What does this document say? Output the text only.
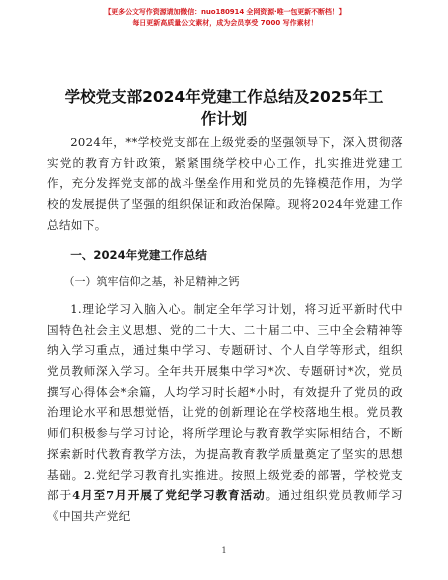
【更多公文写作资源请加微信：nuo180914 全网资源·唯一包更新不断档！】
每日更新高质量公文素材，成为会员享受 7000 写作素材！
学校党支部2024年党建工作总结及2025年工
作计划

2024年，**学校党支部在上级党委的坚强领导下，深入贯彻落实党的教育方针政策，紧紧围绕学校中心工作，扎实推进党建工作，充分发挥党支部的战斗堡垒作用和党员的先锋模范作用，为学校的发展提供了坚强的组织保证和政治保障。现将2024年党建工作总结如下。

一、2024年党建工作总结

（一）筑牢信仰之基，补足精神之钙

1.理论学习入脑入心。制定全年学习计划，将习近平新时代中国特色社会主义思想、党的二十大、二十届二中、三中全会精神等纳入学习重点，通过集中学习、专题研讨、个人自学等形式，组织党员教师深入学习。全年共开展集中学习*次、专题研讨*次，党员撰写心得体会*余篇，人均学习时长超*小时，有效提升了党员的政治理论水平和思想觉悟，让党的创新理论在学校落地生根。党员教师们积极参与学习讨论，将所学理论与教育教学实际相结合，不断探索新时代教育教学方法，为提高教育教学质量奠定了坚实的思想基础。2.党纪学习教育扎实推进。按照上级党委的部署，学校党支部于4月至7月开展了党纪学习教育活动。通过组织党员教师学习《中国共产党纪

1
